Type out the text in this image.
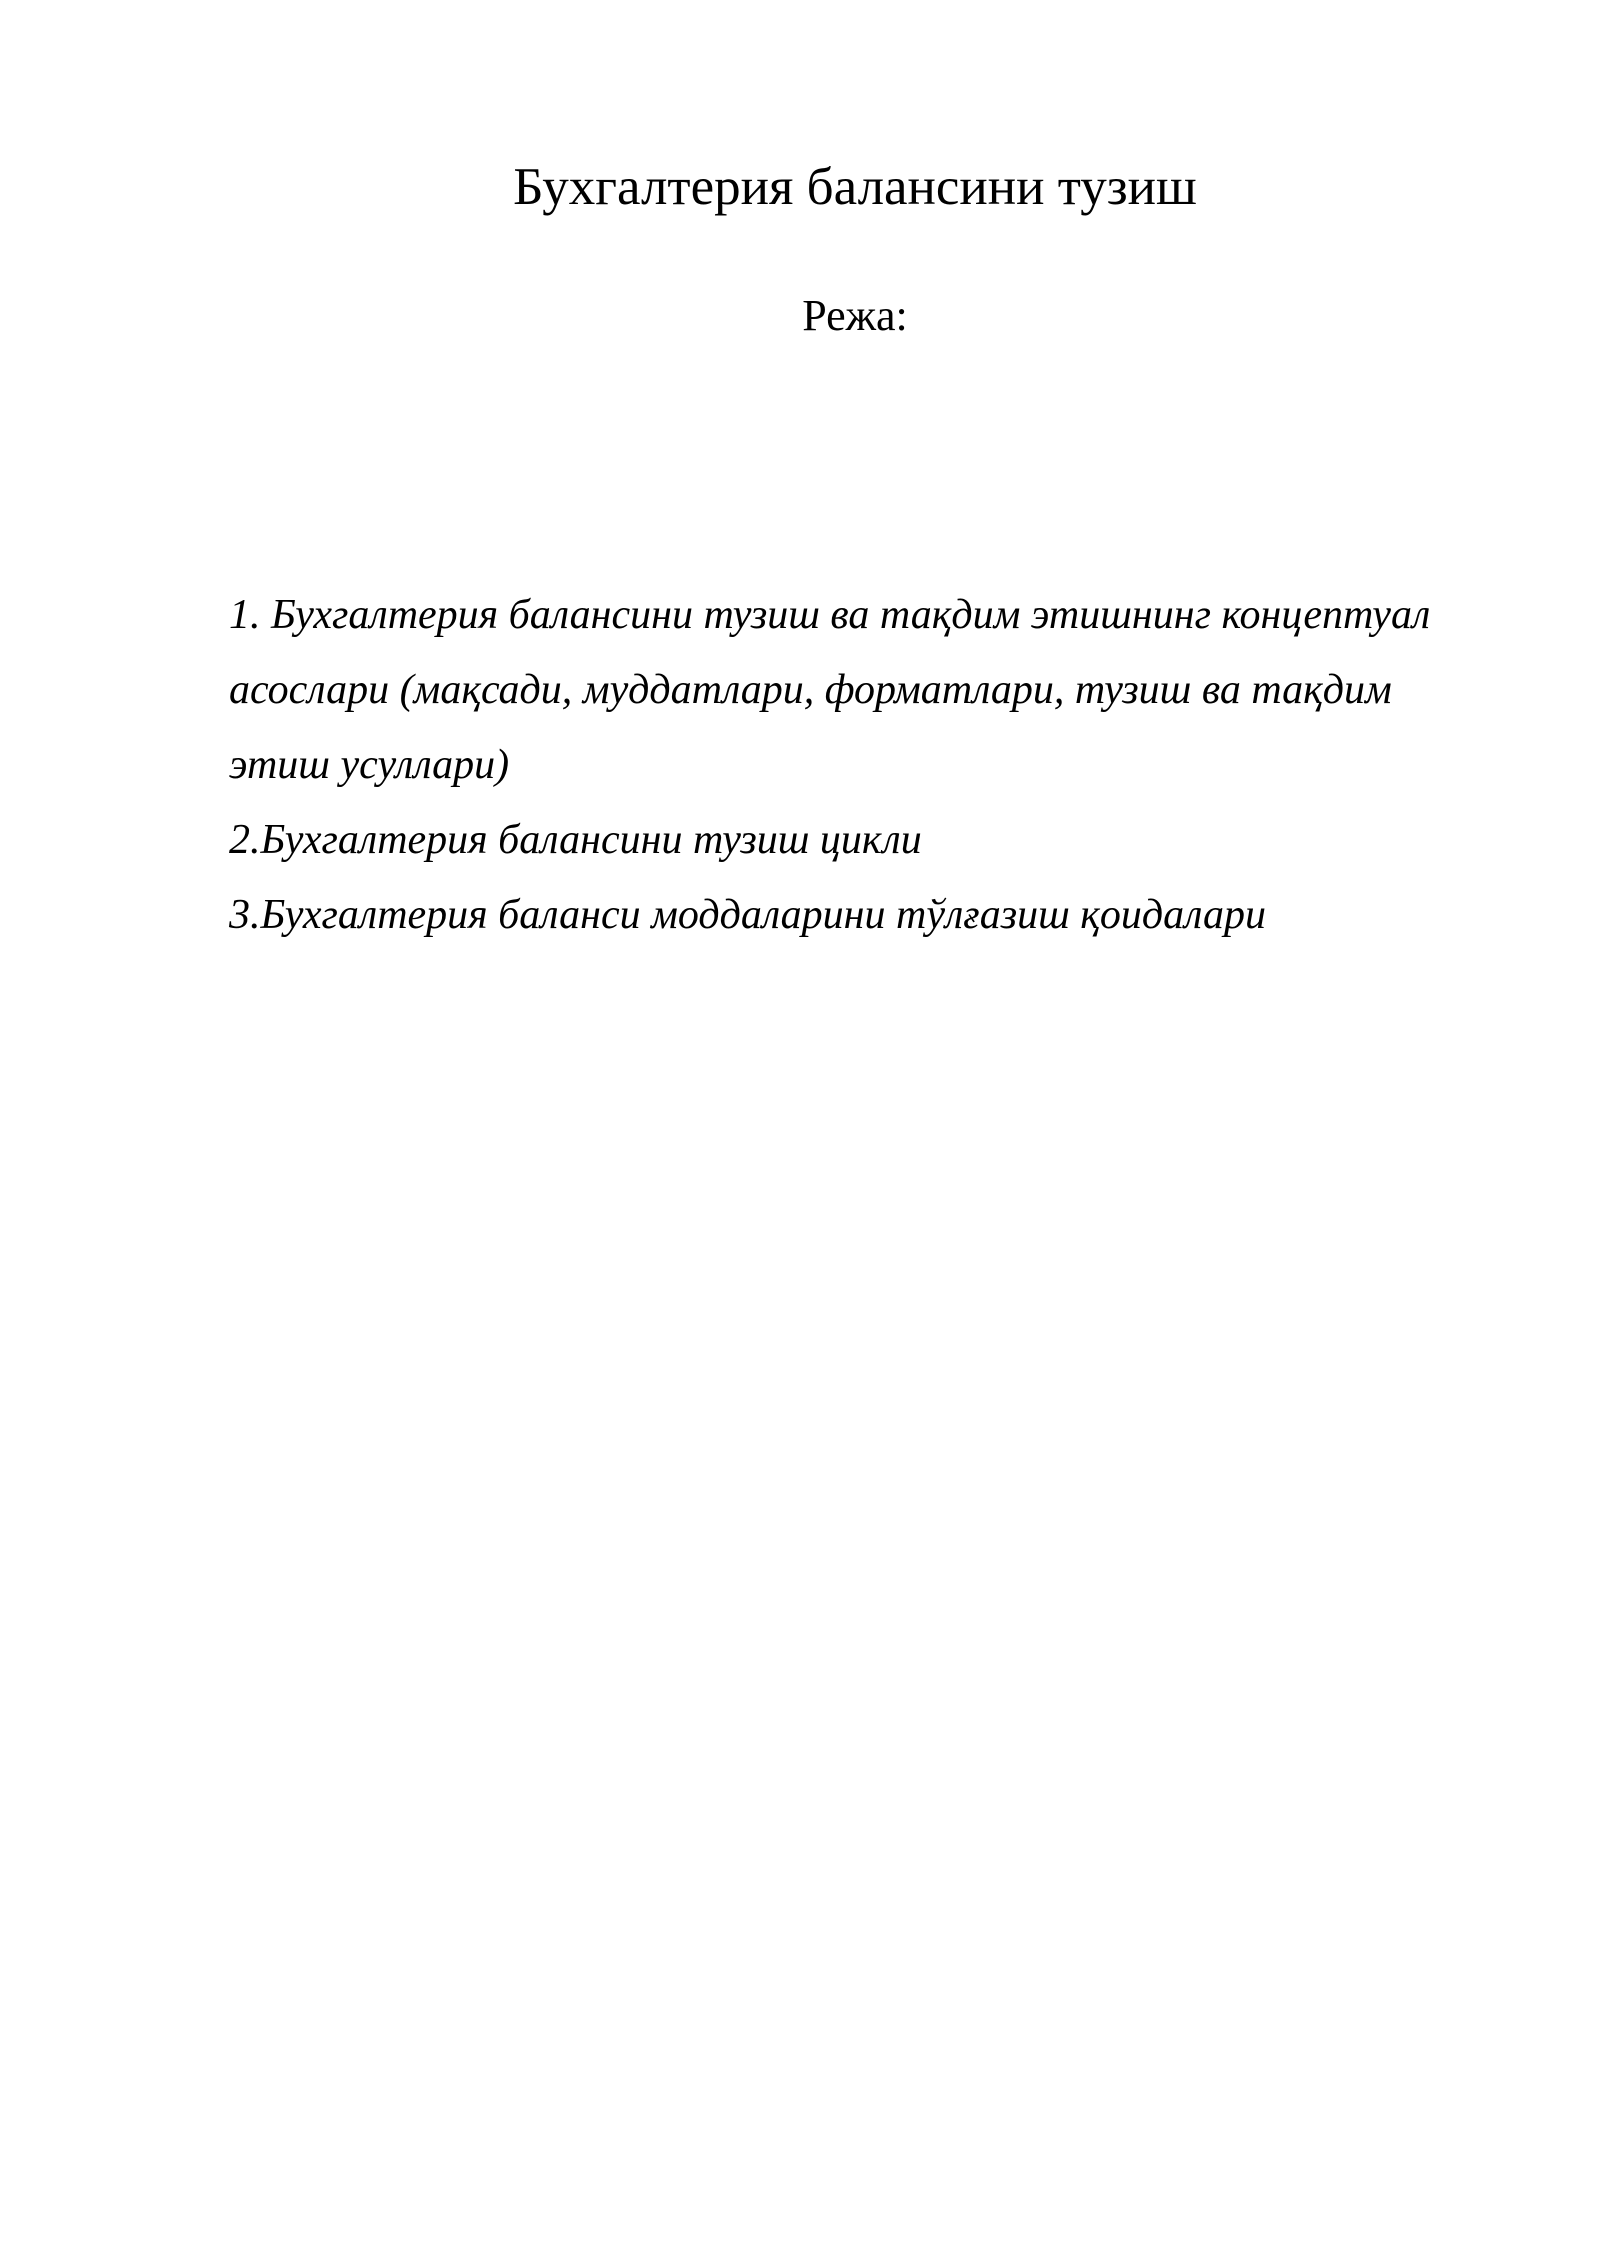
Бухгалтерия балансини тузиш
Режа:

1. Бухгалтерия балансини тузиш ва тақдим этишнинг концептуал асослари (мақсади, муддатлари, форматлари, тузиш ва тақдим этиш усуллари)

2.Бухгалтерия балансини тузиш цикли

3.Бухгалтерия баланси моддаларини тўлғазиш қоидалари
